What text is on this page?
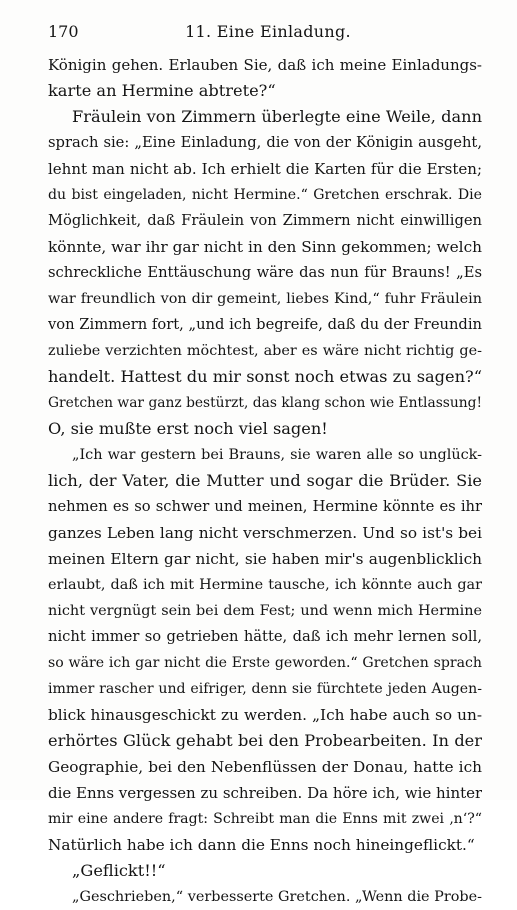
170	11. Eine Einladung.
Königin gehen. Erlauben Sie, daß ich meine Einladungs-
karte an Hermine abtrete?“
Fräulein von Zimmern überlegte eine Weile, dann
sprach sie: „Eine Einladung, die von der Königin ausgeht,
lehnt man nicht ab. Ich erhielt die Karten für die Ersten;
du bist eingeladen, nicht Hermine.“ Gretchen erschrak. Die
Möglichkeit, daß Fräulein von Zimmern nicht einwilligen
könnte, war ihr gar nicht in den Sinn gekommen; welch
schreckliche Enttäuschung wäre das nun für Brauns! „Es
war freundlich von dir gemeint, liebes Kind,“ fuhr Fräulein
von Zimmern fort, „und ich begreife, daß du der Freundin
zuliebe verzichten möchtest, aber es wäre nicht richtig ge-
handelt. Hattest du mir sonst noch etwas zu sagen?“
Gretchen war ganz bestürzt, das klang schon wie Entlassung!
O, sie mußte erst noch viel sagen!
„Ich war gestern bei Brauns, sie waren alle so unglück-
lich, der Vater, die Mutter und sogar die Brüder. Sie
nehmen es so schwer und meinen, Hermine könnte es ihr
ganzes Leben lang nicht verschmerzen. Und so ist's bei
meinen Eltern gar nicht, sie haben mir's augenblicklich
erlaubt, daß ich mit Hermine tausche, ich könnte auch gar
nicht vergnügt sein bei dem Fest; und wenn mich Hermine
nicht immer so getrieben hätte, daß ich mehr lernen soll,
so wäre ich gar nicht die Erste geworden.“ Gretchen sprach
immer rascher und eifriger, denn sie fürchtete jeden Augen-
blick hinausgeschickt zu werden. „Ich habe auch so un-
erhörtes Glück gehabt bei den Probearbeiten. In der
Geographie, bei den Nebenflüssen der Donau, hatte ich
die Enns vergessen zu schreiben. Da höre ich, wie hinter
mir eine andere fragt: Schreibt man die Enns mit zwei ‚n‘?“
Natürlich habe ich dann die Enns noch hineingeflickt.“
„Geflickt!!“
„Geschrieben,“ verbesserte Gretchen. „Wenn die Probe-
